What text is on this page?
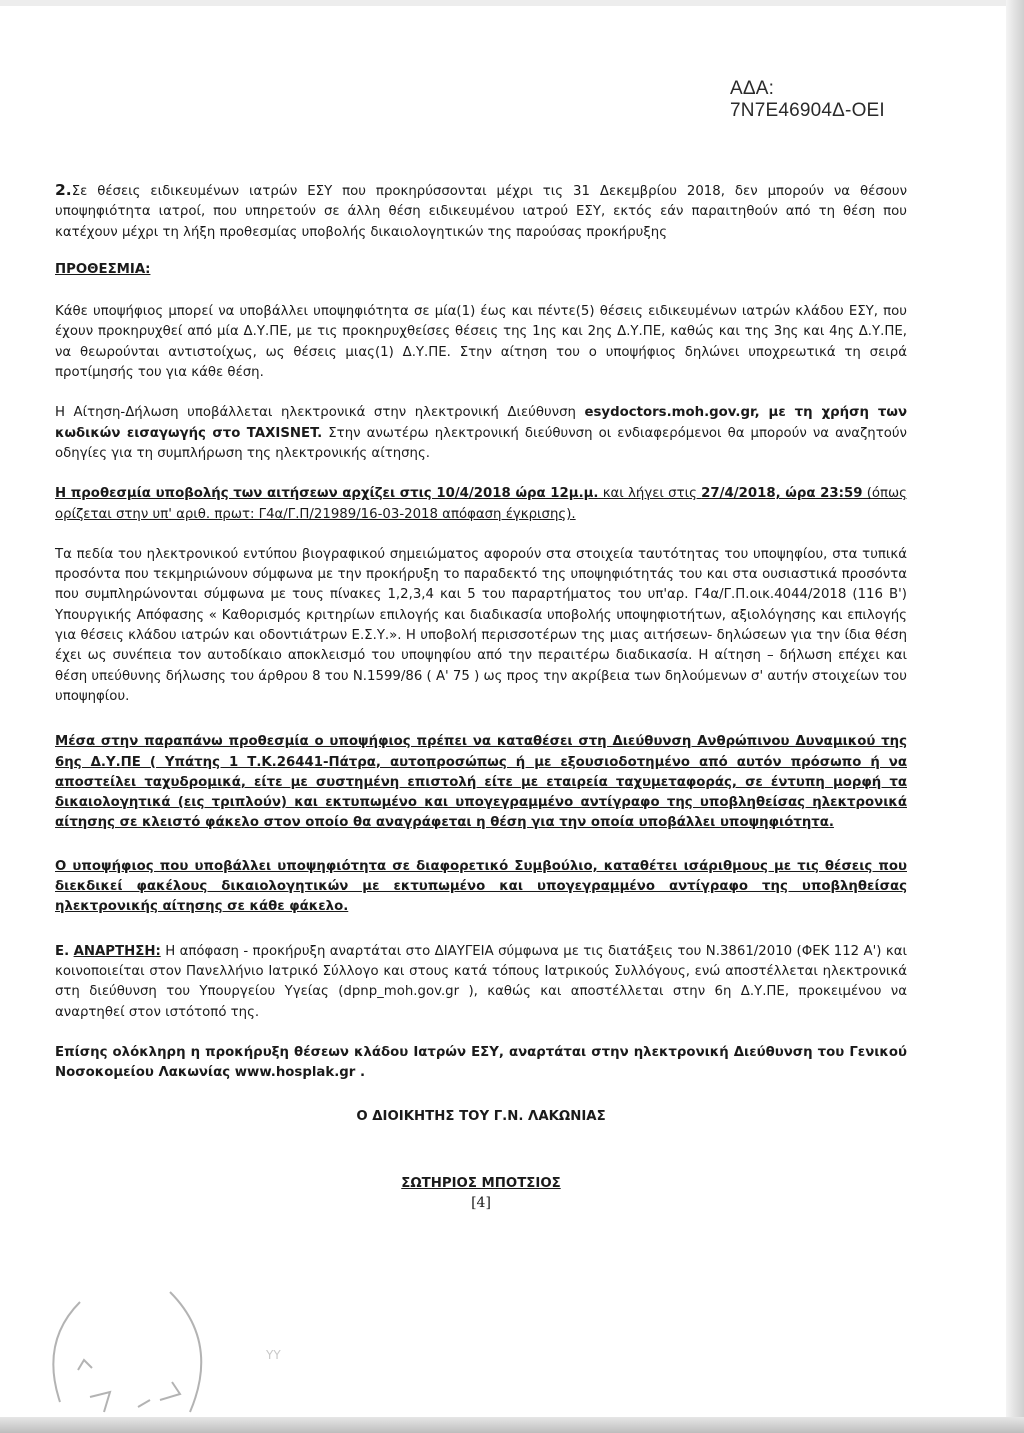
ΑΔΑ: 7Ν7Ε46904Δ-ΟΕΙ

2.Σε θέσεις ειδικευμένων ιατρών ΕΣΥ που προκηρύσσονται μέχρι τις 31 Δεκεμβρίου 2018, δεν μπορούν να θέσουν υποψηφιότητα ιατροί, που υπηρετούν σε άλλη θέση ειδικευμένου ιατρού ΕΣΥ, εκτός εάν παραιτηθούν από τη θέση που κατέχουν μέχρι τη λήξη προθεσμίας υποβολής δικαιολογητικών της παρούσας προκήρυξης

ΠΡΟΘΕΣΜΙΑ:

Κάθε υποψήφιος μπορεί να υποβάλλει υποψηφιότητα σε μία(1) έως και πέντε(5) θέσεις ειδικευμένων ιατρών κλάδου ΕΣΥ, που έχουν προκηρυχθεί από μία Δ.Υ.ΠΕ, με τις προκηρυχθείσες θέσεις της 1ης και 2ης Δ.Υ.ΠΕ, καθώς και της 3ης και 4ης Δ.Υ.ΠΕ, να θεωρούνται αντιστοίχως, ως θέσεις μιας(1) Δ.Υ.ΠΕ. Στην αίτηση του ο υποψήφιος δηλώνει υποχρεωτικά τη σειρά προτίμησής του για κάθε θέση.

Η Αίτηση-Δήλωση υποβάλλεται ηλεκτρονικά στην ηλεκτρονική Διεύθυνση esydoctors.moh.gov.gr, με τη χρήση των κωδικών εισαγωγής στο TAXISNET. Στην ανωτέρω ηλεκτρονική διεύθυνση οι ενδιαφερόμενοι θα μπορούν να αναζητούν οδηγίες για τη συμπλήρωση της ηλεκτρονικής αίτησης.

Η προθεσμία υποβολής των αιτήσεων αρχίζει στις 10/4/2018 ώρα 12μ.μ. και λήγει στις 27/4/2018, ώρα 23:59 (όπως ορίζεται στην υπ' αριθ. πρωτ: Γ4α/Γ.Π/21989/16-03-2018 απόφαση έγκρισης).

Τα πεδία του ηλεκτρονικού εντύπου βιογραφικού σημειώματος αφορούν στα στοιχεία ταυτότητας του υποψηφίου, στα τυπικά προσόντα που τεκμηριώνουν σύμφωνα με την προκήρυξη το παραδεκτό της υποψηφιότητάς του και στα ουσιαστικά προσόντα που συμπληρώνονται σύμφωνα με τους πίνακες 1,2,3,4 και 5 του παραρτήματος του υπ'αρ. Γ4α/Γ.Π.οικ.4044/2018 (116 Β') Υπουργικής Απόφασης « Καθορισμός κριτηρίων επιλογής και διαδικασία υποβολής υποψηφιοτήτων, αξιολόγησης και επιλογής για θέσεις κλάδου ιατρών και οδοντιάτρων Ε.Σ.Υ.». Η υποβολή περισσοτέρων της μιας αιτήσεων- δηλώσεων για την ίδια θέση έχει ως συνέπεια τον αυτοδίκαιο αποκλεισμό του υποψηφίου από την περαιτέρω διαδικασία. Η αίτηση – δήλωση επέχει και θέση υπεύθυνης δήλωσης του άρθρου 8 του Ν.1599/86 ( Α' 75 ) ως προς την ακρίβεια των δηλούμενων σ' αυτήν στοιχείων του υποψηφίου.

Μέσα στην παραπάνω προθεσμία ο υποψήφιος πρέπει να καταθέσει στη Διεύθυνση Ανθρώπινου Δυναμικού της 6ης Δ.Υ.ΠΕ ( Υπάτης 1 Τ.Κ.26441-Πάτρα, αυτοπροσώπως ή με εξουσιοδοτημένο από αυτόν πρόσωπο ή να αποστείλει ταχυδρομικά, είτε με συστημένη επιστολή είτε με εταιρεία ταχυμεταφοράς, σε έντυπη μορφή τα δικαιολογητικά (εις τριπλούν) και εκτυπωμένο και υπογεγραμμένο αντίγραφο της υποβληθείσας ηλεκτρονικά αίτησης σε κλειστό φάκελο στον οποίο θα αναγράφεται η θέση για την οποία υποβάλλει υποψηφιότητα.

Ο υποψήφιος που υποβάλλει υποψηφιότητα σε διαφορετικό Συμβούλιο, καταθέτει ισάριθμους με τις θέσεις που διεκδικεί φακέλους δικαιολογητικών με εκτυπωμένο και υπογεγραμμένο αντίγραφο της υποβληθείσας ηλεκτρονικής αίτησης σε κάθε φάκελο.

Ε. ΑΝΑΡΤΗΣΗ: Η απόφαση - προκήρυξη αναρτάται στο ΔΙΑΥΓΕΙΑ σύμφωνα με τις διατάξεις του Ν.3861/2010 (ΦΕΚ 112 Α') και κοινοποιείται στον Πανελλήνιο Ιατρικό Σύλλογο και στους κατά τόπους Ιατρικούς Συλλόγους, ενώ αποστέλλεται ηλεκτρονικά στη διεύθυνση του Υπουργείου Υγείας (dpnp_moh.gov.gr ), καθώς και αποστέλλεται στην 6η Δ.Υ.ΠΕ, προκειμένου να αναρτηθεί στον ιστότοπό της.

Επίσης ολόκληρη η προκήρυξη θέσεων κλάδου Ιατρών ΕΣΥ, αναρτάται στην ηλεκτρονική Διεύθυνση του Γενικού Νοσοκομείου Λακωνίας www.hosplak.gr .

Ο ΔΙΟΙΚΗΤΗΣ ΤΟΥ Γ.Ν. ΛΑΚΩΝΙΑΣ
ΣΩΤΗΡΙΟΣ ΜΠΟΤΣΙΟΣ
[4]
ΥΥ
